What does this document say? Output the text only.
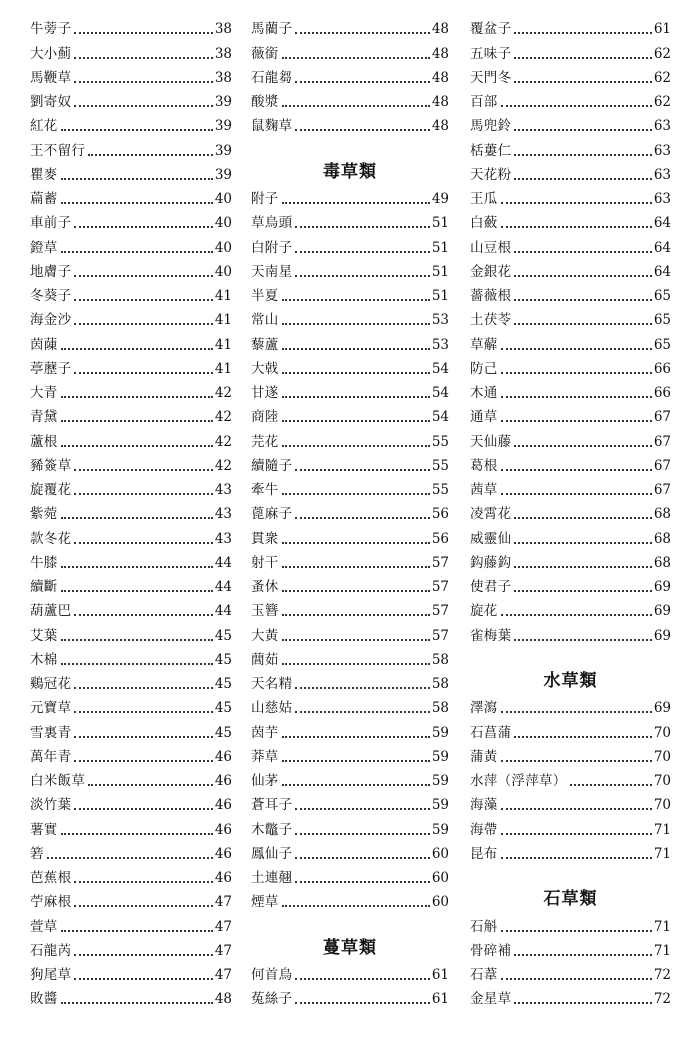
牛蒡子	38
大小薊	38
馬鞭草	38
劉寄奴	39
紅花	39
王不留行	39
瞿麥	39
萹蓄	40
車前子	40
鐙草	40
地膚子	40
冬葵子	41
海金沙	41
茵蔯	41
葶藶子	41
大青	42
青黛	42
蘆根	42
豨簽草	42
旋覆花	43
紫菀	43
款冬花	43
牛膝	44
續斷	44
葫蘆巴	44
艾葉	45
木棉	45
鷄冠花	45
元寶草	45
雪裏青	45
萬年青	46
白米飯草	46
淡竹葉	46
薯實	46
箬	46
芭蕉根	46
苧麻根	47
萱草	47
石龍芮	47
狗尾草	47
敗醬	48
馬藺子	48
薇銜	48
石龍芻	48
酸漿	48
鼠麴草	48
毒草類
附子	49
草烏頭	51
白附子	51
天南星	51
半夏	51
常山	53
藜蘆	53
大戟	54
甘遂	54
商陸	54
芫花	55
續隨子	55
牽牛	55
蓖麻子	56
貫衆	56
射干	57
蚤休	57
玉簪	57
大黃	57
䕡茹	58
天名精	58
山慈姑	58
茵芋	59
莽草	59
仙茅	59
蒼耳子	59
木鼈子	59
鳳仙子	60
土連翹	60
煙草	60
蔓草類
何首烏	61
菟絲子	61
覆盆子	61
五味子	62
天門冬	62
百部	62
馬兜鈴	63
栝蔞仁	63
天花粉	63
王瓜	63
白蘞	64
山豆根	64
金銀花	64
薔薇根	65
土茯苓	65
草薢	65
防己	66
木通	66
通草	67
天仙藤	67
葛根	67
茜草	67
凌霄花	68
威靈仙	68
鈎藤鈎	68
使君子	69
旋花	69
雀梅葉	69
水草類
澤瀉	69
石菖蒲	70
蒲黃	70
水萍（浮萍草）	70
海藻	70
海帶	71
昆布	71
石草類
石斛	71
骨碎補	71
石葦	72
金星草	72
